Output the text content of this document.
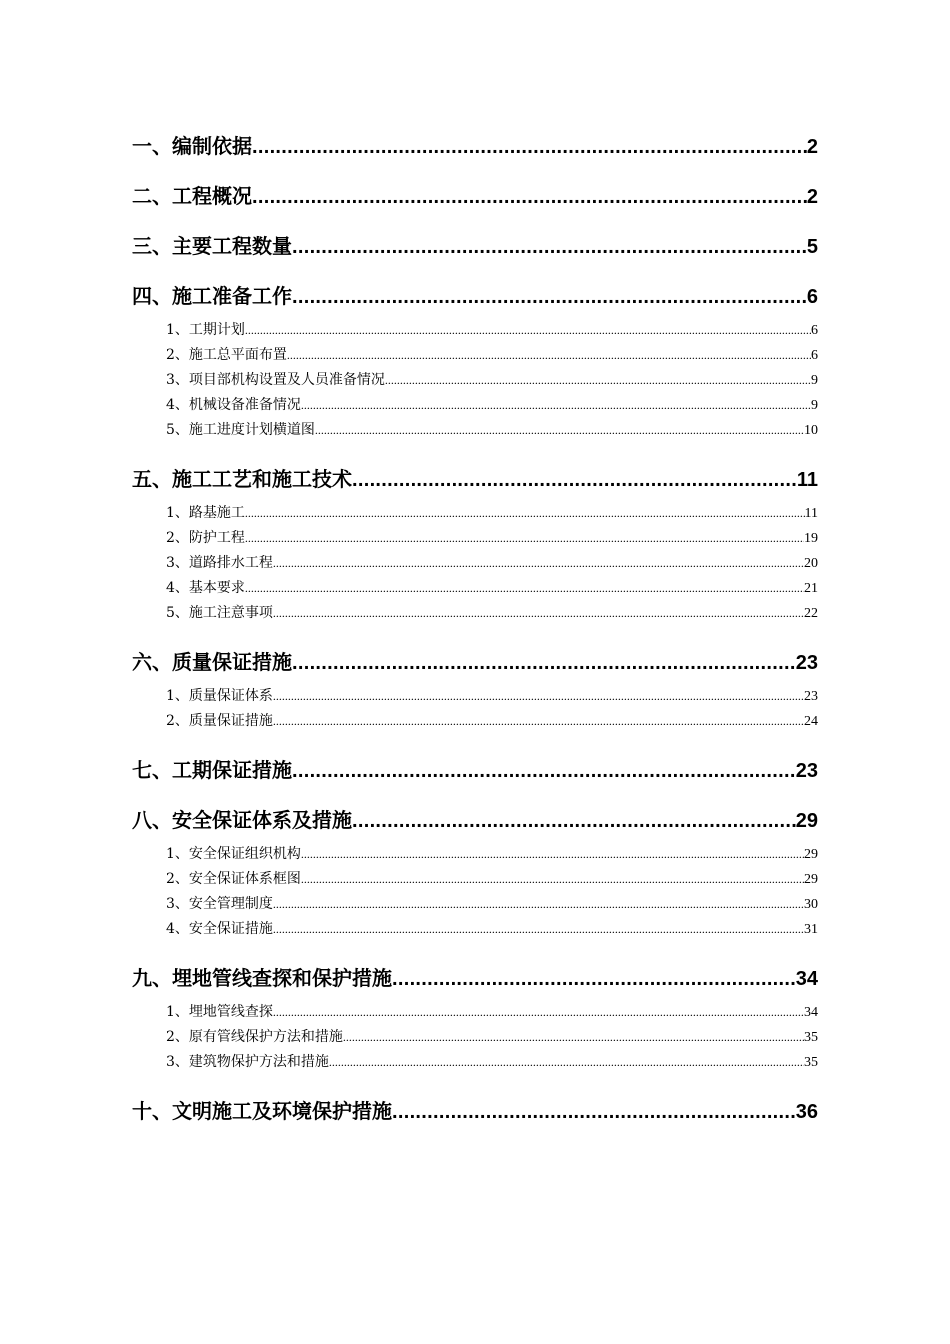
一、编制依据 .....	2
二、工程概况 .....	2
三、主要工程数量 .....	5
四、施工准备工作 .....	6
1、工期计划 .....	6
2、施工总平面布置 .....	6
3、项目部机构设置及人员准备情况 .....	9
4、机械设备准备情况 .....	9
5、施工进度计划横道图 .....	10
五、施工工艺和施工技术 .....	11
1、路基施工 .....	11
2、防护工程 .....	19
3、道路排水工程 .....	20
4、基本要求 .....	21
5、施工注意事项 .....	22
六、质量保证措施 .....	23
1、质量保证体系 .....	23
2、质量保证措施 .....	24
七、工期保证措施 .....	23
八、安全保证体系及措施 .....	29
1、安全保证组织机构 .....	29
2、安全保证体系框图 .....	29
3、安全管理制度 .....	30
4、安全保证措施 .....	31
九、埋地管线查探和保护措施 .....	34
1、埋地管线查探 .....	34
2、原有管线保护方法和措施 .....	35
3、建筑物保护方法和措施 .....	35
十、文明施工及环境保护措施 .....	36
